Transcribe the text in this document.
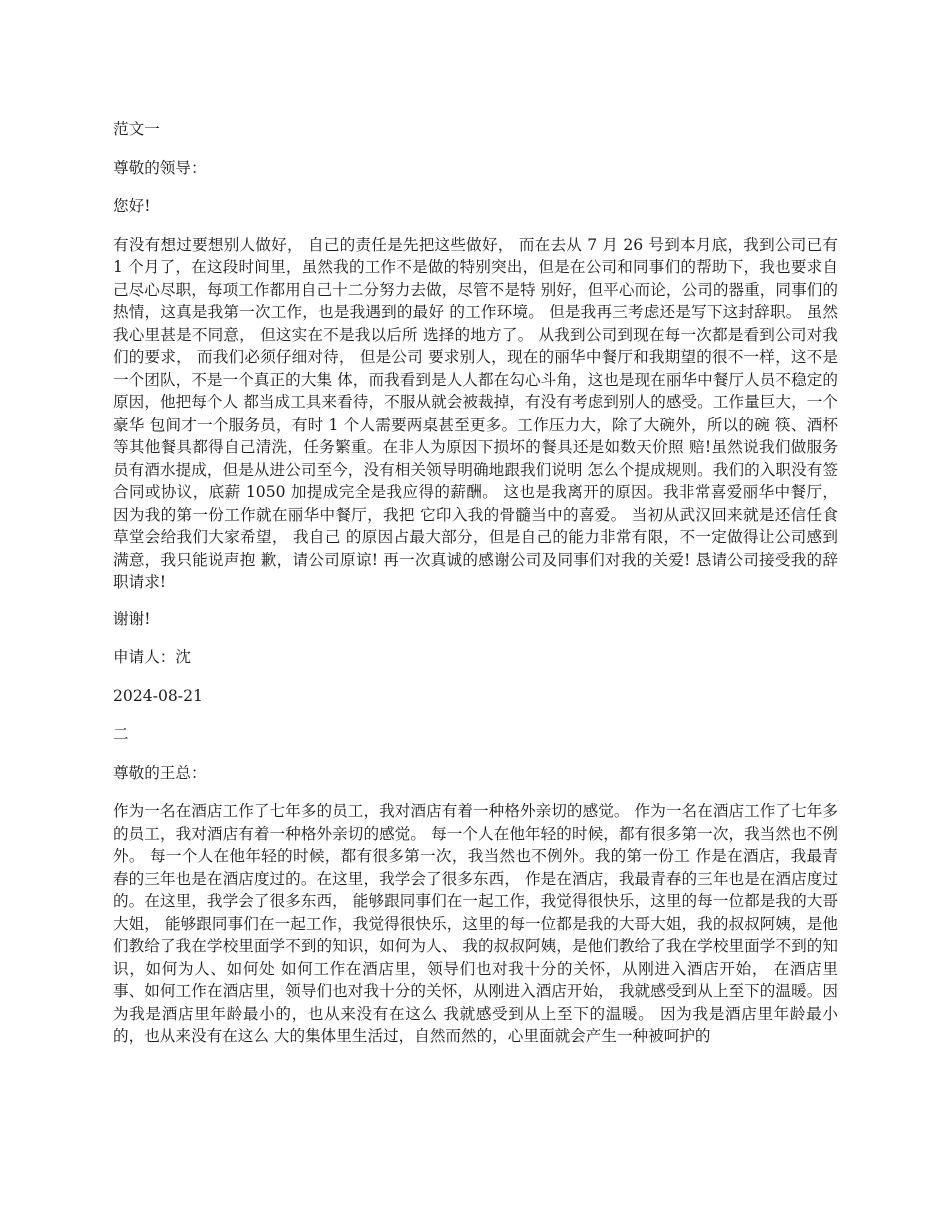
范文一

尊敬的领导：

您好!

有没有想过要想别人做好， 自己的责任是先把这些做好， 而在去从 7 月 26 号到本月底，我到公司已有 1 个月了，在这段时间里，虽然我的工作不是做的特别突出，但是在公司和同事们的帮助下，我也要求自己尽心尽职，每项工作都用自己十二分努力去做，尽管不是特 别好，但平心而论，公司的器重，同事们的热情，这真是我第一次工作，也是我遇到的最好 的工作环境。 但是我再三考虑还是写下这封辞职。 虽然我心里甚是不同意， 但这实在不是我以后所 选择的地方了。 从我到公司到现在每一次都是看到公司对我们的要求， 而我们必须仔细对待， 但是公司 要求别人，现在的丽华中餐厅和我期望的很不一样，这不是一个团队，不是一个真正的大集 体，而我看到是人人都在勾心斗角，这也是现在丽华中餐厅人员不稳定的原因，他把每个人 都当成工具来看待，不服从就会被裁掉，有没有考虑到别人的感受。工作量巨大，一个豪华 包间才一个服务员，有时 1 个人需要两桌甚至更多。工作压力大，除了大碗外，所以的碗 筷、酒杯等其他餐具都得自己清洗，任务繁重。在非人为原因下损坏的餐具还是如数天价照 赔!虽然说我们做服务员有酒水提成，但是从进公司至今，没有相关领导明确地跟我们说明 怎么个提成规则。我们的入职没有签合同或协议，底薪 1050 加提成完全是我应得的薪酬。 这也是我离开的原因。我非常喜爱丽华中餐厅，因为我的第一份工作就在丽华中餐厅，我把 它印入我的骨髓当中的喜爱。 当初从武汉回来就是还信任食草堂会给我们大家希望， 我自己 的原因占最大部分，但是自己的能力非常有限，不一定做得让公司感到满意，我只能说声抱 歉，请公司原谅! 再一次真诚的感谢公司及同事们对我的关爱! 恳请公司接受我的辞职请求!

谢谢!

申请人：沈

2024-08-21

二

尊敬的王总：

作为一名在酒店工作了七年多的员工，我对酒店有着一种格外亲切的感觉。 作为一名在酒店工作了七年多的员工，我对酒店有着一种格外亲切的感觉。 每一个人在他年轻的时候，都有很多第一次，我当然也不例外。 每一个人在他年轻的时候，都有很多第一次，我当然也不例外。我的第一份工 作是在酒店，我最青春的三年也是在酒店度过的。在这里，我学会了很多东西， 作是在酒店，我最青春的三年也是在酒店度过的。在这里，我学会了很多东西， 能够跟同事们在一起工作，我觉得很快乐，这里的每一位都是我的大哥大姐， 能够跟同事们在一起工作，我觉得很快乐，这里的每一位都是我的大哥大姐，我的叔叔阿姨，是他们教给了我在学校里面学不到的知识，如何为人、 我的叔叔阿姨，是他们教给了我在学校里面学不到的知识，如何为人、如何处 如何工作在酒店里，领导们也对我十分的关怀，从刚进入酒店开始， 在酒店里 事、如何工作在酒店里，领导们也对我十分的关怀，从刚进入酒店开始， 我就感受到从上至下的温暖。因为我是酒店里年龄最小的，也从来没有在这么 我就感受到从上至下的温暖。 因为我是酒店里年龄最小的，也从来没有在这么 大的集体里生活过，自然而然的，心里面就会产生一种被呵护的
